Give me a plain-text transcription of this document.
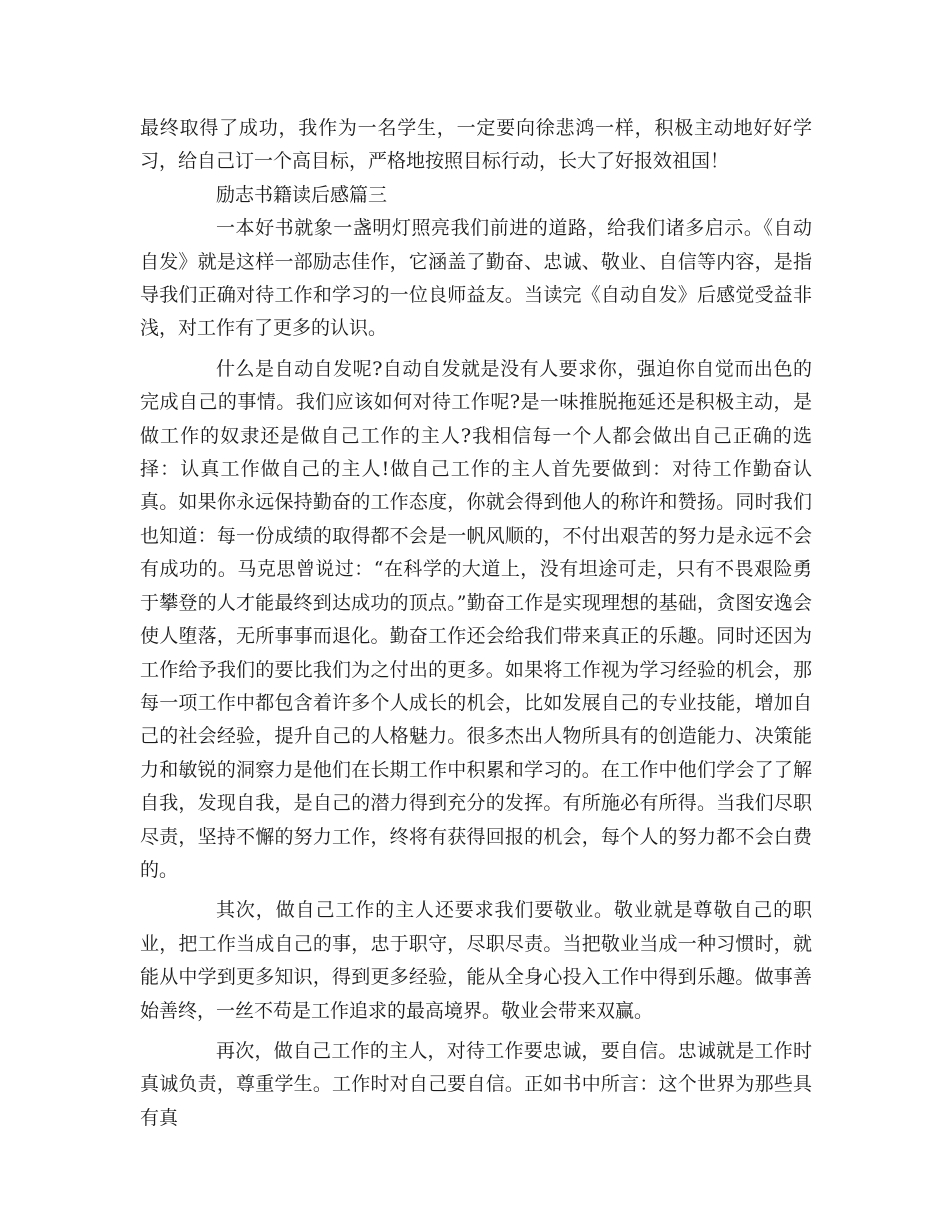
最终取得了成功，我作为一名学生，一定要向徐悲鸿一样，积极主动地好好学习，给自己订一个高目标，严格地按照目标行动，长大了好报效祖国！

励志书籍读后感篇三

一本好书就象一盏明灯照亮我们前进的道路，给我们诸多启示。《自动自发》就是这样一部励志佳作，它涵盖了勤奋、忠诚、敬业、自信等内容，是指导我们正确对待工作和学习的一位良师益友。当读完《自动自发》后感觉受益非浅，对工作有了更多的认识。

什么是自动自发呢?自动自发就是没有人要求你，强迫你自觉而出色的完成自己的事情。我们应该如何对待工作呢?是一味推脱拖延还是积极主动，是做工作的奴隶还是做自己工作的主人?我相信每一个人都会做出自己正确的选择：认真工作做自己的主人!做自己工作的主人首先要做到：对待工作勤奋认真。如果你永远保持勤奋的工作态度，你就会得到他人的称许和赞扬。同时我们也知道：每一份成绩的取得都不会是一帆风顺的，不付出艰苦的努力是永远不会有成功的。马克思曾说过：“在科学的大道上，没有坦途可走，只有不畏艰险勇于攀登的人才能最终到达成功的顶点。”勤奋工作是实现理想的基础，贪图安逸会使人堕落，无所事事而退化。勤奋工作还会给我们带来真正的乐趣。同时还因为工作给予我们的要比我们为之付出的更多。如果将工作视为学习经验的机会，那每一项工作中都包含着许多个人成长的机会，比如发展自己的专业技能，增加自己的社会经验，提升自己的人格魅力。很多杰出人物所具有的创造能力、决策能力和敏锐的洞察力是他们在长期工作中积累和学习的。在工作中他们学会了了解自我，发现自我，是自己的潜力得到充分的发挥。有所施必有所得。当我们尽职尽责，坚持不懈的努力工作，终将有获得回报的机会，每个人的努力都不会白费的。

其次，做自己工作的主人还要求我们要敬业。敬业就是尊敬自己的职业，把工作当成自己的事，忠于职守，尽职尽责。当把敬业当成一种习惯时，就能从中学到更多知识，得到更多经验，能从全身心投入工作中得到乐趣。做事善始善终，一丝不苟是工作追求的最高境界。敬业会带来双赢。

再次，做自己工作的主人，对待工作要忠诚，要自信。忠诚就是工作时真诚负责，尊重学生。工作时对自己要自信。正如书中所言：这个世界为那些具有真
